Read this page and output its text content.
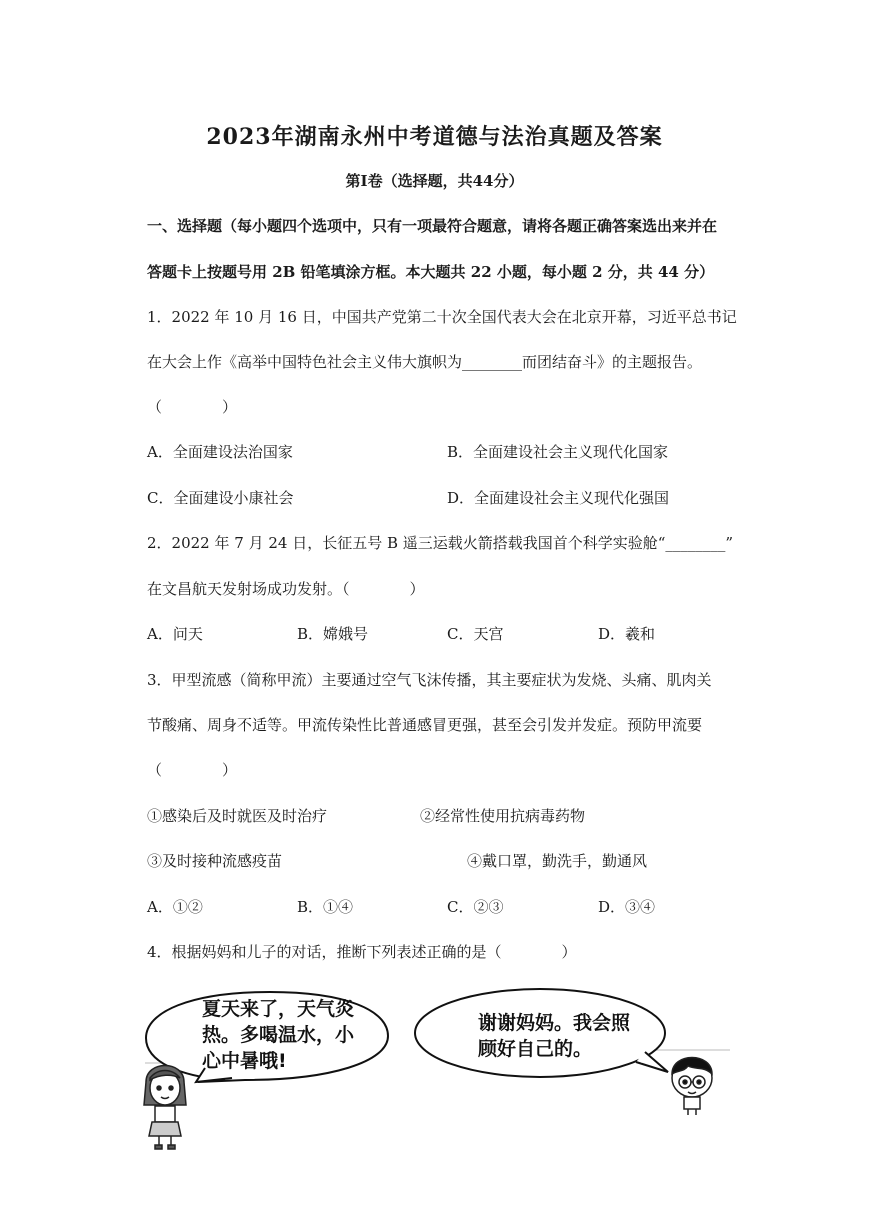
2023年湖南永州中考道德与法治真题及答案
第Ⅰ卷（选择题，共44分）
一、选择题（每小题四个选项中，只有一项最符合题意，请将各题正确答案选出来并在
答题卡上按题号用 2B 铅笔填涂方框。本大题共 22 小题，每小题 2 分，共 44 分）
1．2022 年 10 月 16 日，中国共产党第二十次全国代表大会在北京开幕，习近平总书记
在大会上作《高举中国特色社会主义伟大旗帜为________而团结奋斗》的主题报告。
（　　　　）
A．全面建设法治国家	B．全面建设社会主义现代化国家
C．全面建设小康社会	D．全面建设社会主义现代化强国
2．2022 年 7 月 24 日，长征五号 B 遥三运载火箭搭载我国首个科学实验舱“________”
在文昌航天发射场成功发射。（　　　　）
A．问天	B．嫦娥号	C．天宫	D．羲和
3．甲型流感（简称甲流）主要通过空气飞沫传播，其主要症状为发烧、头痛、肌肉关
节酸痛、周身不适等。甲流传染性比普通感冒更强，甚至会引发并发症。预防甲流要
（　　　　）
①感染后及时就医及时治疗	②经常性使用抗病毒药物
③及时接种流感疫苗	④戴口罩，勤洗手，勤通风
A．①②	B．①④	C．②③	D．③④
4．根据妈妈和儿子的对话，推断下列表述正确的是（　　　　）
夏天来了，天气炎
热。多喝温水，小
心中暑哦!
谢谢妈妈。我会照
顾好自己的。
